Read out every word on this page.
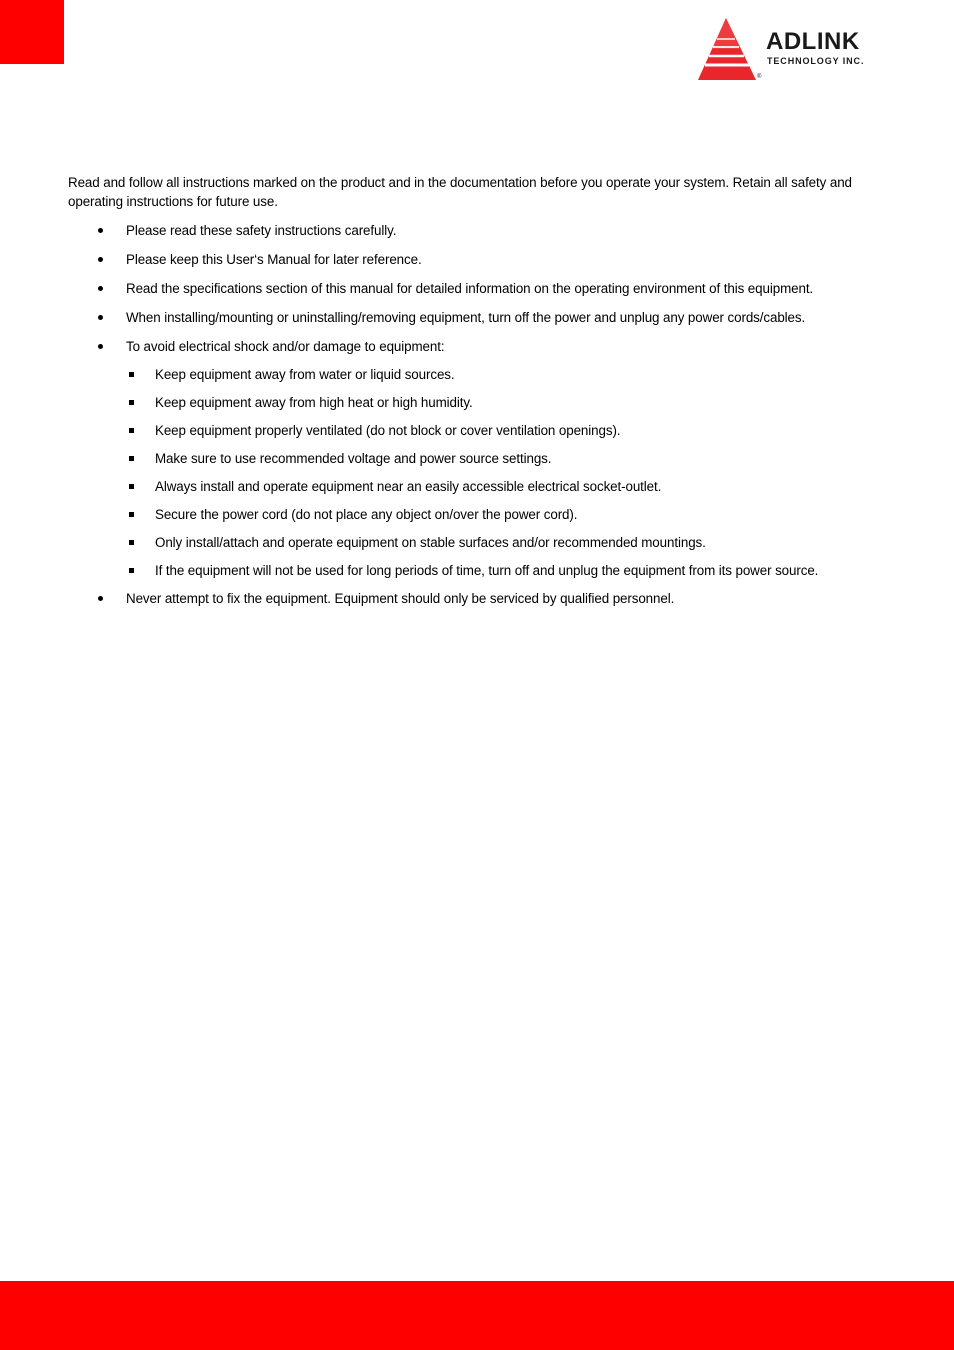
ADLINK
TECHNOLOGY INC.
®

Read and follow all instructions marked on the product and in the documentation before you operate your system. Retain all safety and operating instructions for future use.

Please read these safety instructions carefully.
Please keep this User‘s Manual for later reference.
Read the specifications section of this manual for detailed information on the operating environment of this equipment.
When installing/mounting or uninstalling/removing equipment, turn off the power and unplug any power cords/cables.
To avoid electrical shock and/or damage to equipment:
Keep equipment away from water or liquid sources.
Keep equipment away from high heat or high humidity.
Keep equipment properly ventilated (do not block or cover ventilation openings).
Make sure to use recommended voltage and power source settings.
Always install and operate equipment near an easily accessible electrical socket-outlet.
Secure the power cord (do not place any object on/over the power cord).
Only install/attach and operate equipment on stable surfaces and/or recommended mountings.
If the equipment will not be used for long periods of time, turn off and unplug the equipment from its power source.
Never attempt to fix the equipment. Equipment should only be serviced by qualified personnel.
